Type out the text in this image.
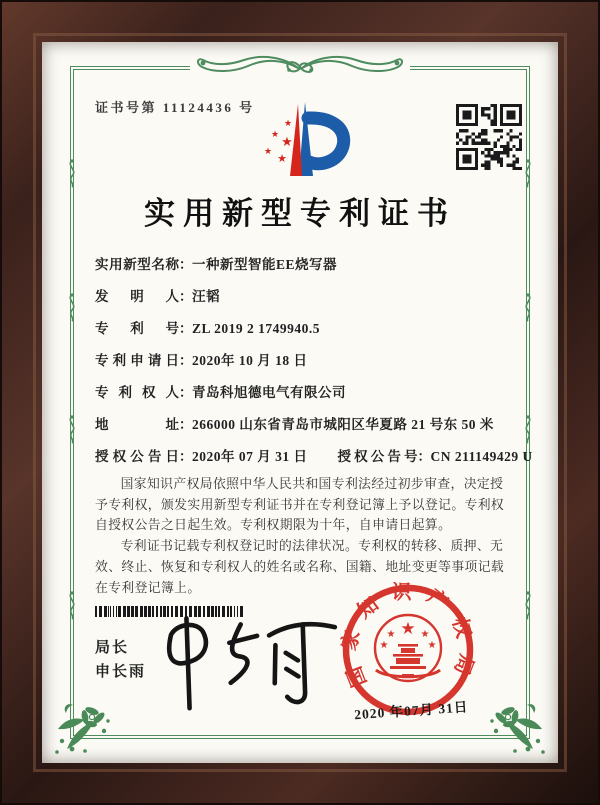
证书号第 11124436 号
★
★ ★
★
★
实用新型专利证书
实用新型名称：一种新型智能EE烧写器
发明人：汪韬
专利号：ZL 2019 2 1749940.5
专利申请日：2020年 10 月 18 日
专利权人：青岛科旭德电气有限公司
地址：266000 山东省青岛市城阳区华夏路 21 号东 50 米
授权公告日：2020年 07 月 31 日 授权公告号：CN 211149429 U

国家知识产权局依照中华人民共和国专利法经过初步审查，决定授予专利权，颁发实用新型专利证书并在专利登记簿上予以登记。专利权自授权公告之日起生效。专利权期限为十年，自申请日起算。

专利证书记载专利权登记时的法律状况。专利权的转移、质押、无效、终止、恢复和专利权人的姓名或名称、国籍、地址变更等事项记载在专利登记簿上。

局长
申长雨	国家知识产权局
★
★	★
★	★
2020 年07月 31日
